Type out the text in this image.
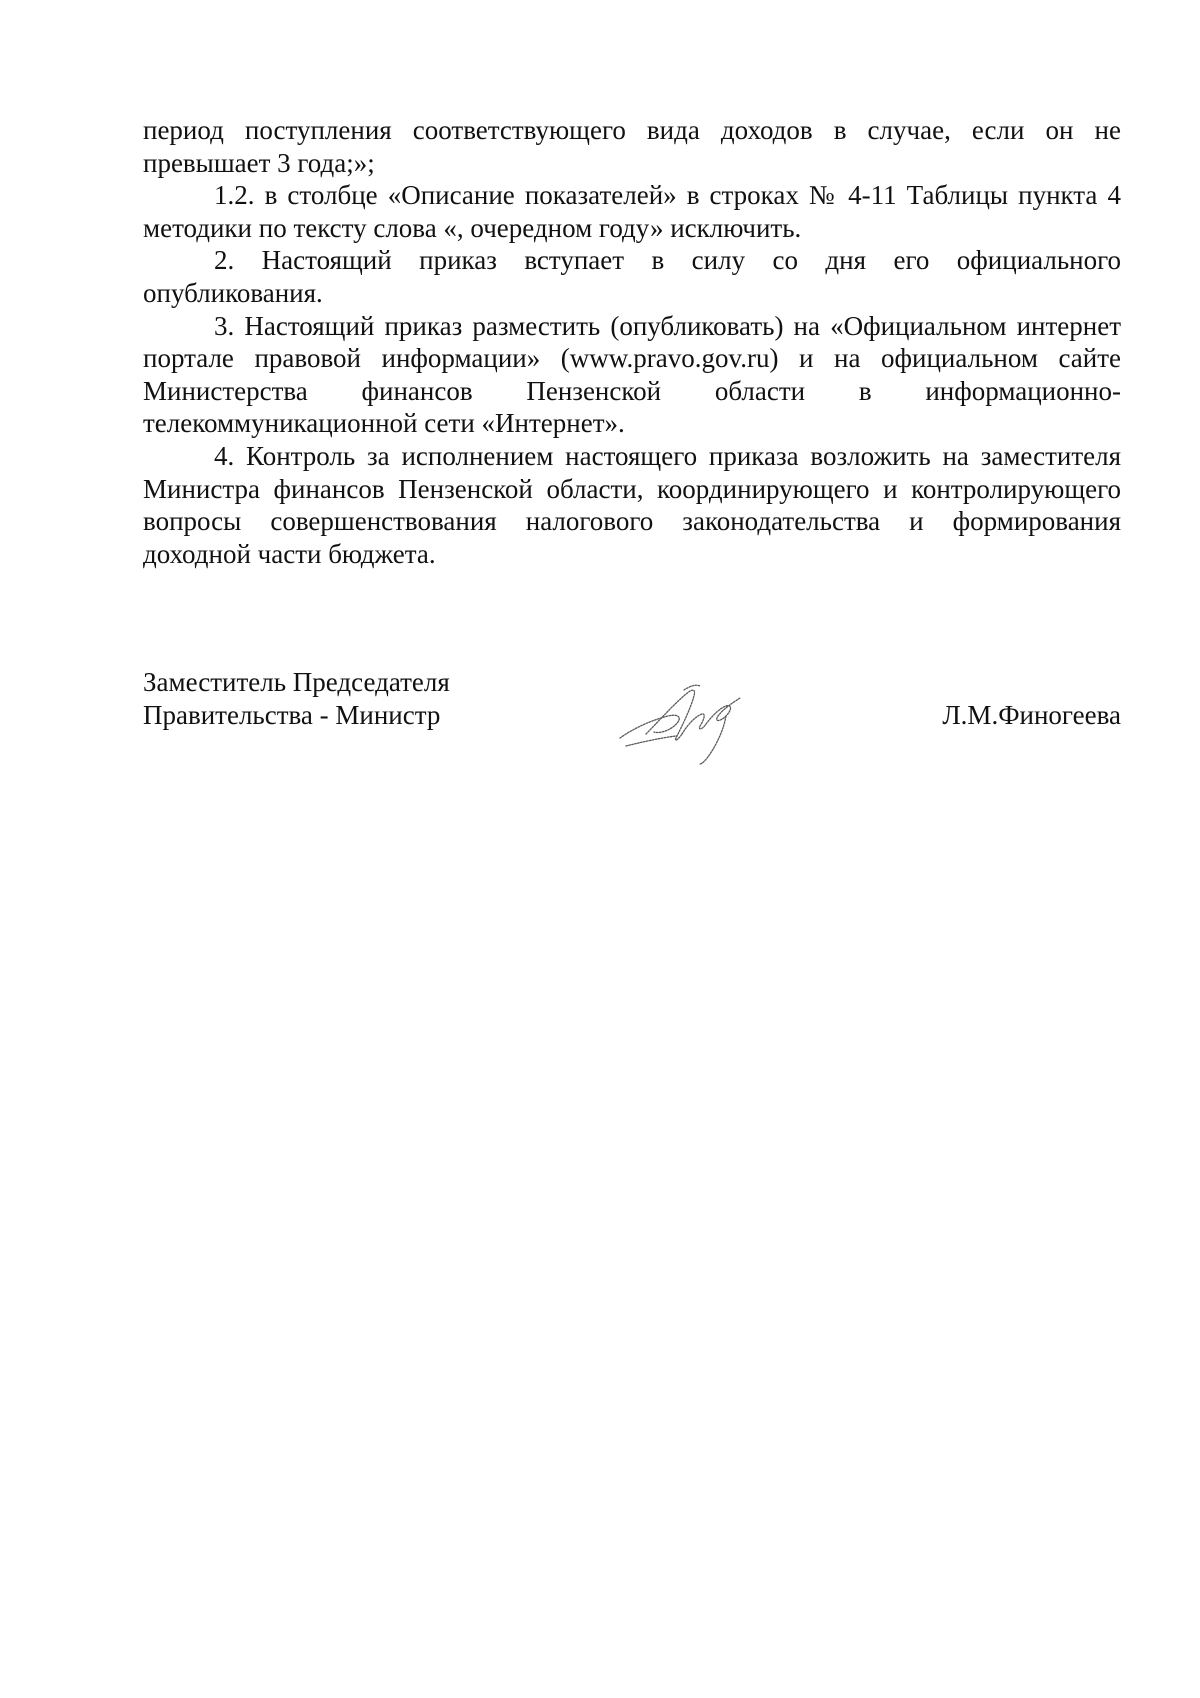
период поступления соответствующего вида доходов в случае, если он не превышает 3 года;»;

1.2. в столбце «Описание показателей» в строках № 4-11 Таблицы пункта 4 методики по тексту слова «, очередном году» исключить.

2. Настоящий приказ вступает в силу со дня его официального опубликования.

3. Настоящий приказ разместить (опубликовать) на «Официальном интернет портале правовой информации» (www.pravo.gov.ru) и на официальном сайте Министерства финансов Пензенской области в информационно-телекоммуникационной сети «Интернет».

4. Контроль за исполнением настоящего приказа возложить на заместителя Министра финансов Пензенской области, координирующего и контролирующего вопросы совершенствования налогового законодательства и формирования доходной части бюджета.

Заместитель Председателя
Правительства - Министр	Л.М.Финогеева
